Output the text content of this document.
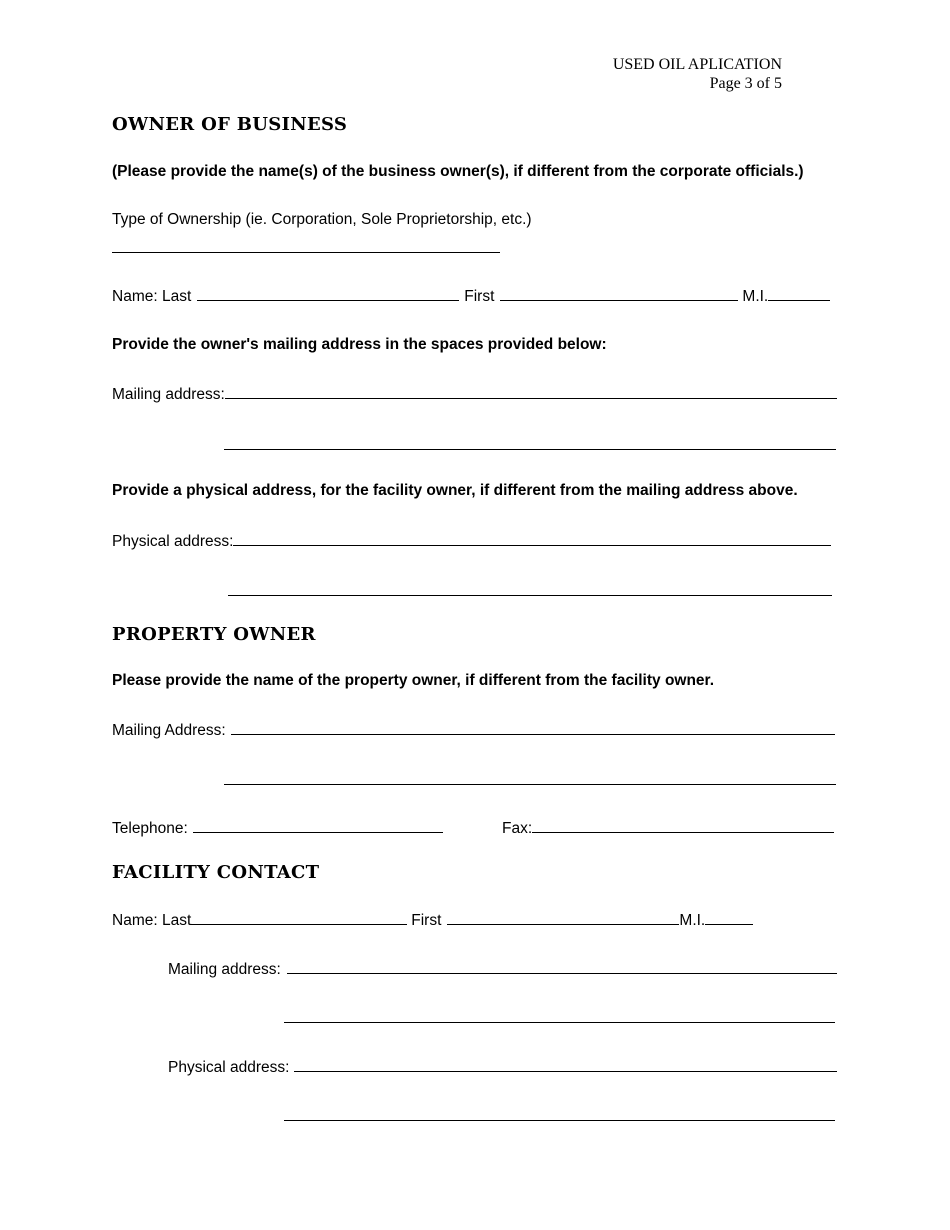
USED OIL APLICATION
Page 3 of 5
OWNER OF BUSINESS
(Please provide the name(s) of the business owner(s), if different from the corporate officials.)
Type of Ownership (ie. Corporation, Sole Proprietorship, etc.)
Name: Last	First	M.I.
Provide the owner's mailing address in the spaces provided below:
Mailing address:
Provide a physical address, for the facility owner, if different from the mailing address above.
Physical address:
PROPERTY OWNER
Please provide the name of the property owner, if different from the facility owner.
Mailing Address:
Telephone:	Fax:
FACILITY CONTACT
Name: Last	First	M.I.
Mailing address:
Physical address:
